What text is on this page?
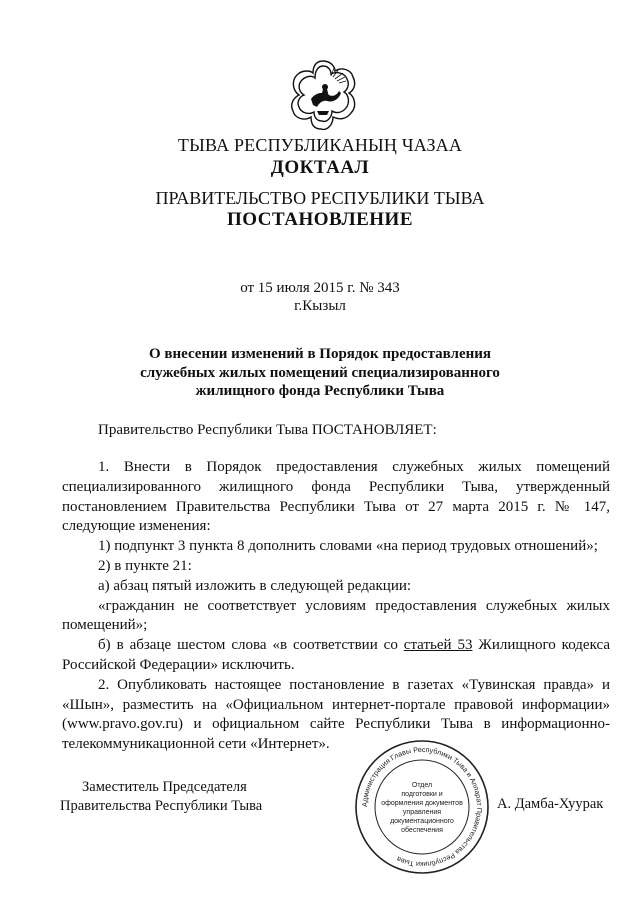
ТЫВА РЕСПУБЛИКАНЫҢ ЧАЗАА
ДОКТААЛ
ПРАВИТЕЛЬСТВО РЕСПУБЛИКИ ТЫВА
ПОСТАНОВЛЕНИЕ
от 15 июля 2015 г. № 343
г.Кызыл
О внесении изменений в Порядок предоставления
служебных жилых помещений специализированного
жилищного фонда Республики Тыва
Правительство Республики Тыва ПОСТАНОВЛЯЕТ:

1. Внести в Порядок предоставления служебных жилых помещений специализированного жилищного фонда Республики Тыва, утвержденный постановлением Правительства Республики Тыва от 27 марта 2015 г. № 147, следующие изменения:

1) подпункт 3 пункта 8 дополнить словами «на период трудовых отношений»;

2) в пункте 21:

а) абзац пятый изложить в следующей редакции:

«гражданин не соответствует условиям предоставления служебных жилых помещений»;

б) в абзаце шестом слова «в соответствии со статьей 53 Жилищного кодекса Российской Федерации» исключить.

2. Опубликовать настоящее постановление в газетах «Тувинская правда» и «Шын», разместить на «Официальном интернет-портале правовой информации» (www.pravo.gov.ru) и официальном сайте Республики Тыва в информационно-телекоммуникационной сети «Интернет».

Администрация Главы Республики Тыва и Аппарат Правительства Республики Тыва
Отдел
подготовки и
оформления документов
управления
документационного
обеспечения
Заместитель Председателя
Правительства Республики Тыва	А. Дамба-Хуурак
